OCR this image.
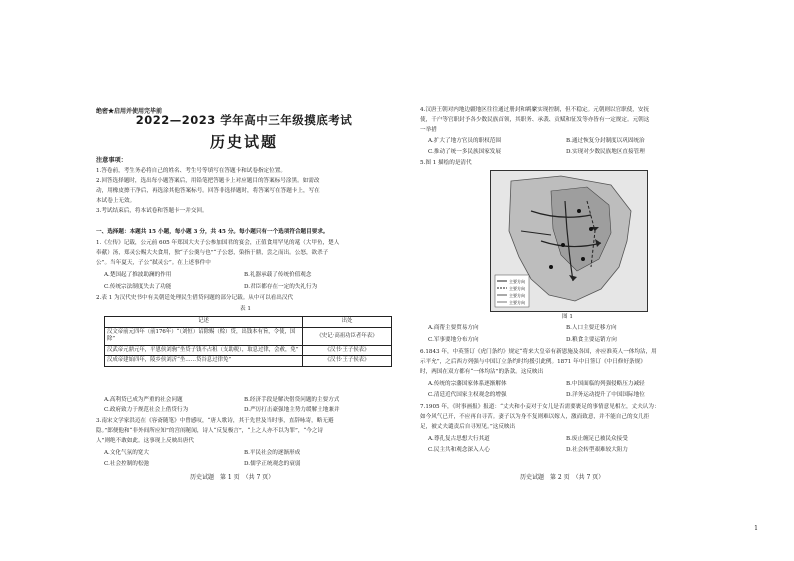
绝密★启用并使用完毕前
2022—2023 学年高中三年级摸底考试
历史试题
注意事项：
1.答卷前，考生务必将自己的姓名、考生号等填写在答题卡和试卷指定位置。
2.回答选择题时，选出每小题答案后，用铅笔把答题卡上对应题目的答案标号涂黑。如需改
动，用橡皮擦干净后，再选涂其他答案标号。回答非选择题时，将答案写在答题卡上，写在
本试卷上无效。
3.考试结束后，将本试卷和答题卡一并交回。
一、选择题：本题共 15 小题，每小题 3 分，共 45 分。每小题只有一个选项符合题目要求。
1.《左传》记载，公元前 605 年郑国大夫子公参加国君的宴会，正值食用罕见的鼋（大甲鱼，楚人
奉献）汤，郑灵公赐大夫食用，独“子公羹与也”“子公怒，染指于鼎，尝之而出。公怒，欲杀子
公”。当年夏天，子公“弑灵公”。在上述事件中
A.楚国起了推波助澜的作用	B.礼器承载了传统价值观念
C.传统宗法制度失去了功能	D.君臣都存在一定的失礼行为
2.表 1 为汉代史书中有关朝廷处理民生借贷问题的部分记载。从中可以看出汉代
表 1
记述	出处
汉文帝前元四年（前176年）“（刘恒）诏除赐（赊）贷，出钱本有旨，令使，国除”	《史记·高祖功臣者年表》
汉武帝元鼎元年，平恩侯刘驹“坐贷子钱不占租（支助税），取息过律，会赦，免”	《汉书·王子侯表》
汉成帝建始四年，陵乡侯刘沂“坐……贷谷息过律免”	《汉书·王子侯表》
A.高利贷已成为严重的社会问题	B.经济手段是解决借贷问题的主要方式
C.政府致力于规范社会上借贷行为	D.严厉打击豪强地主势力缓解土地兼并
3.南宋文学家洪迈在《容斋随笔》中曾感叹，“唐人歌诗，其于先世及当时事，直辞咏寄，略无避
隐。”郎便他和“非外间所应知”的宫闱秘闻，诗人“反复极言”，“上之人亦不以为罪”，“今之诗
人”则绝不敢如此。这事现上反映出唐代
A.文化气氛的宽大	B.平民社会的逐渐形成
C.社会控制的松弛	D.儒学正统观念的衰弱
历史试题　第 1 页　（共 7 页）
4.汉唐王朝对内地边疆地区往往通过册封和羁縻实现控制，但不稳定。元朝则以官职使，安抚
使，千户等官职封予各少数民族首领，其职务、承袭、贡赋和征发等亦皆有一定规定。元朝这
一举措
A.扩大了地方官员的职权范围	B.通过恢复分封制度以巩固统治
C.推动了统一多民族国家发展	D.实现对少数民族地区直接管理
5.图 1 描绘的是清代
主要方向
主要方向
主要方向
主要方向
图 1
A.商帮主要贸易方向	B.人口主要迁移方向
C.军事要地分布方向	D.粮食主要运销方向
6.1843 年，中英签订《虎门条约》规定“将来大皇帝有新恩施及各国，亦应准英人一体均沾，用
示平允”，之后西方列强与中国订立条约时均援引此例。1871 年中日签订《中日修好条规》
时，两国在双方都有“一体均沾”的条款。这反映出
A.传统的宗藩国家体系逐渐解体	B.中国面临的列强侵略压力减轻
C.清廷近代国家主权观念的增强	D.洋务运动提升了中国国际地位
7.1905 年，《时事画报》报道：“丈夫和小妾对于女儿是否需要裹足的事情意见相左，丈夫认为：
如今风气已开，不应再自寻苦。妻子以为身不复则难以嫁人，激而致意，并不能自己的女儿拒
足，被丈夫谴责后自寻短见。”这反映出
A.尊孔复古思想大行其道	B.废止缠足已被民众接受
C.民主共和观念深入人心	D.社会转型艰难较大阻力
历史试题　第 2 页　（共 7 页）
1
